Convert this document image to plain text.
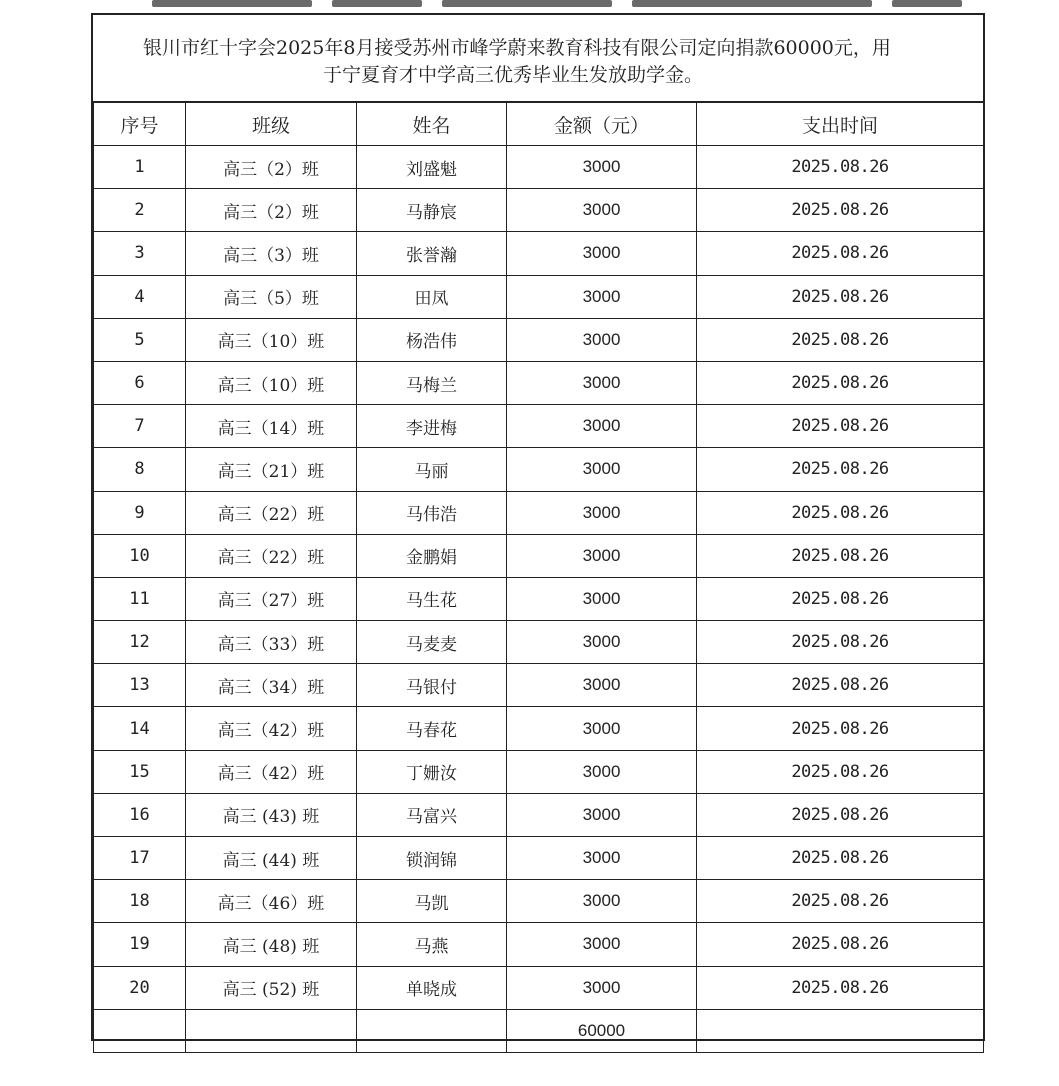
银川市红十字会2025年8月接受苏州市峰学蔚来教育科技有限公司定向捐款60000元，用
于宁夏育才中学高三优秀毕业生发放助学金。
序号	班级	姓名	金额（元）	支出时间
1	高三（2）班	刘盛魁	3000	2025.08.26
2	高三（2）班	马静宸	3000	2025.08.26
3	高三（3）班	张誉瀚	3000	2025.08.26
4	高三（5）班	田凤	3000	2025.08.26
5	高三（10）班	杨浩伟	3000	2025.08.26
6	高三（10）班	马梅兰	3000	2025.08.26
7	高三（14）班	李进梅	3000	2025.08.26
8	高三（21）班	马丽	3000	2025.08.26
9	高三（22）班	马伟浩	3000	2025.08.26
10	高三（22）班	金鹏娟	3000	2025.08.26
11	高三（27）班	马生花	3000	2025.08.26
12	高三（33）班	马麦麦	3000	2025.08.26
13	高三（34）班	马银付	3000	2025.08.26
14	高三（42）班	马春花	3000	2025.08.26
15	高三（42）班	丁姗汝	3000	2025.08.26
16	高三 (43) 班	马富兴	3000	2025.08.26
17	高三 (44) 班	锁润锦	3000	2025.08.26
18	高三（46）班	马凯	3000	2025.08.26
19	高三 (48) 班	马燕	3000	2025.08.26
20	高三 (52) 班	单晓成	3000	2025.08.26
			60000	
